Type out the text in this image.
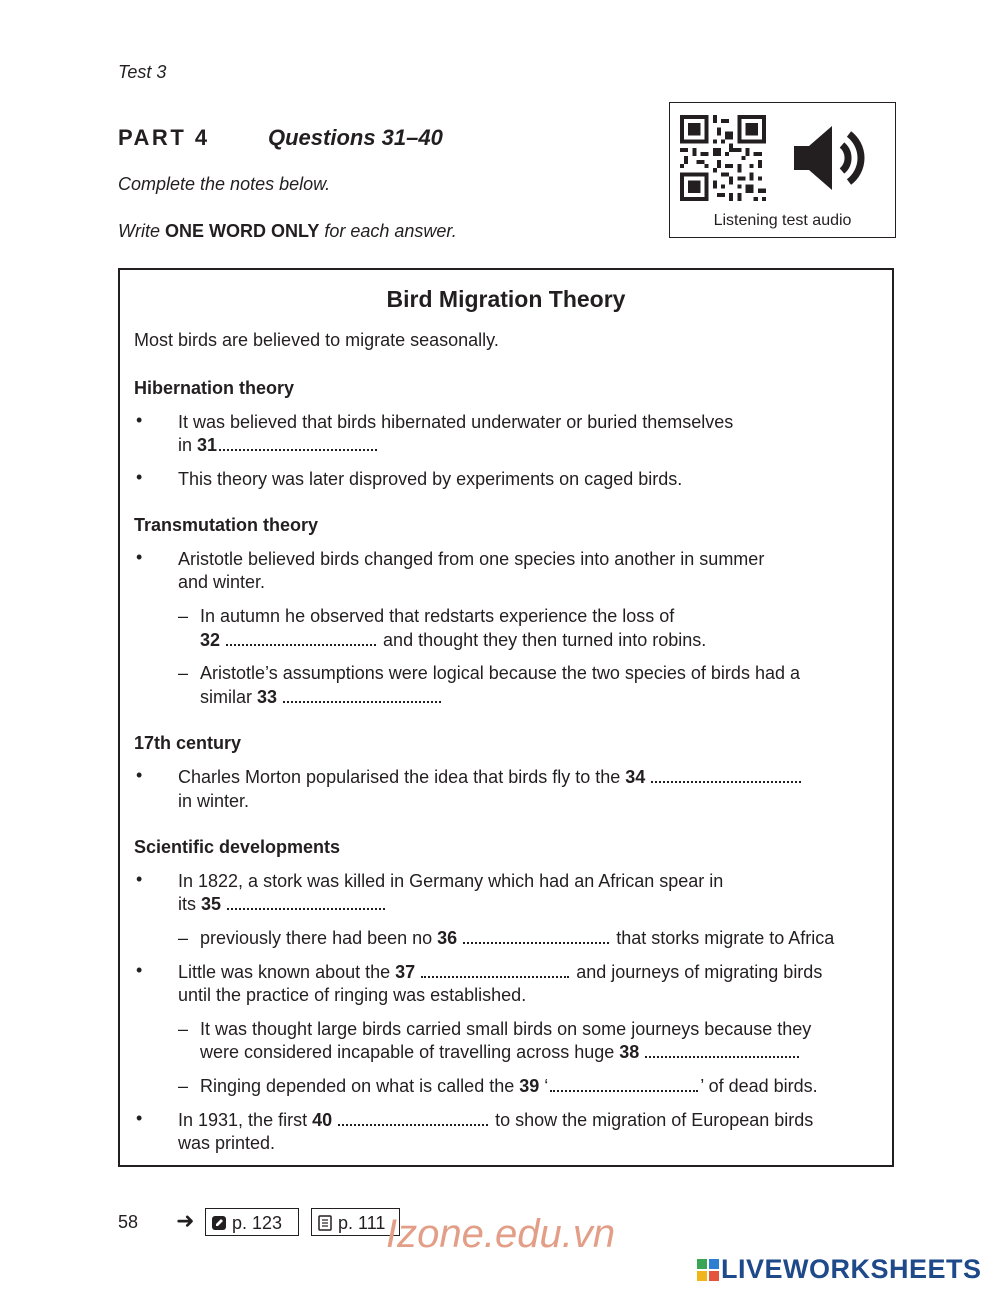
Test 3
PART 4	Questions 31–40
Complete the notes below.
Write ONE WORD ONLY for each answer.
Listening test audio
Bird Migration Theory
Most birds are believed to migrate seasonally.
Hibernation theory
• It was believed that birds hibernated underwater or buried themselves
in 31
• This theory was later disproved by experiments on caged birds.
Transmutation theory
• Aristotle believed birds changed from one species into another in summer
and winter.
– In autumn he observed that redstarts experience the loss of
32	and thought they then turned into robins.
– Aristotle’s assumptions were logical because the two species of birds had a
similar 33
17th century
• Charles Morton popularised the idea that birds fly to the 34
in winter.
Scientific developments
• In 1822, a stork was killed in Germany which had an African spear in
its 35
– previously there had been no 36	that storks migrate to Africa
• Little was known about the 37	and journeys of migrating birds
until the practice of ringing was established.
– It was thought large birds carried small birds on some journeys because they
were considered incapable of travelling across huge 38
– Ringing depended on what is called the 39 ‘	’ of dead birds.
• In 1931, the first 40	to show the migration of European birds
was printed.
58 ➜	p. 123	p. 111 Izone.edu.vn
LIVEWORKSHEETS
